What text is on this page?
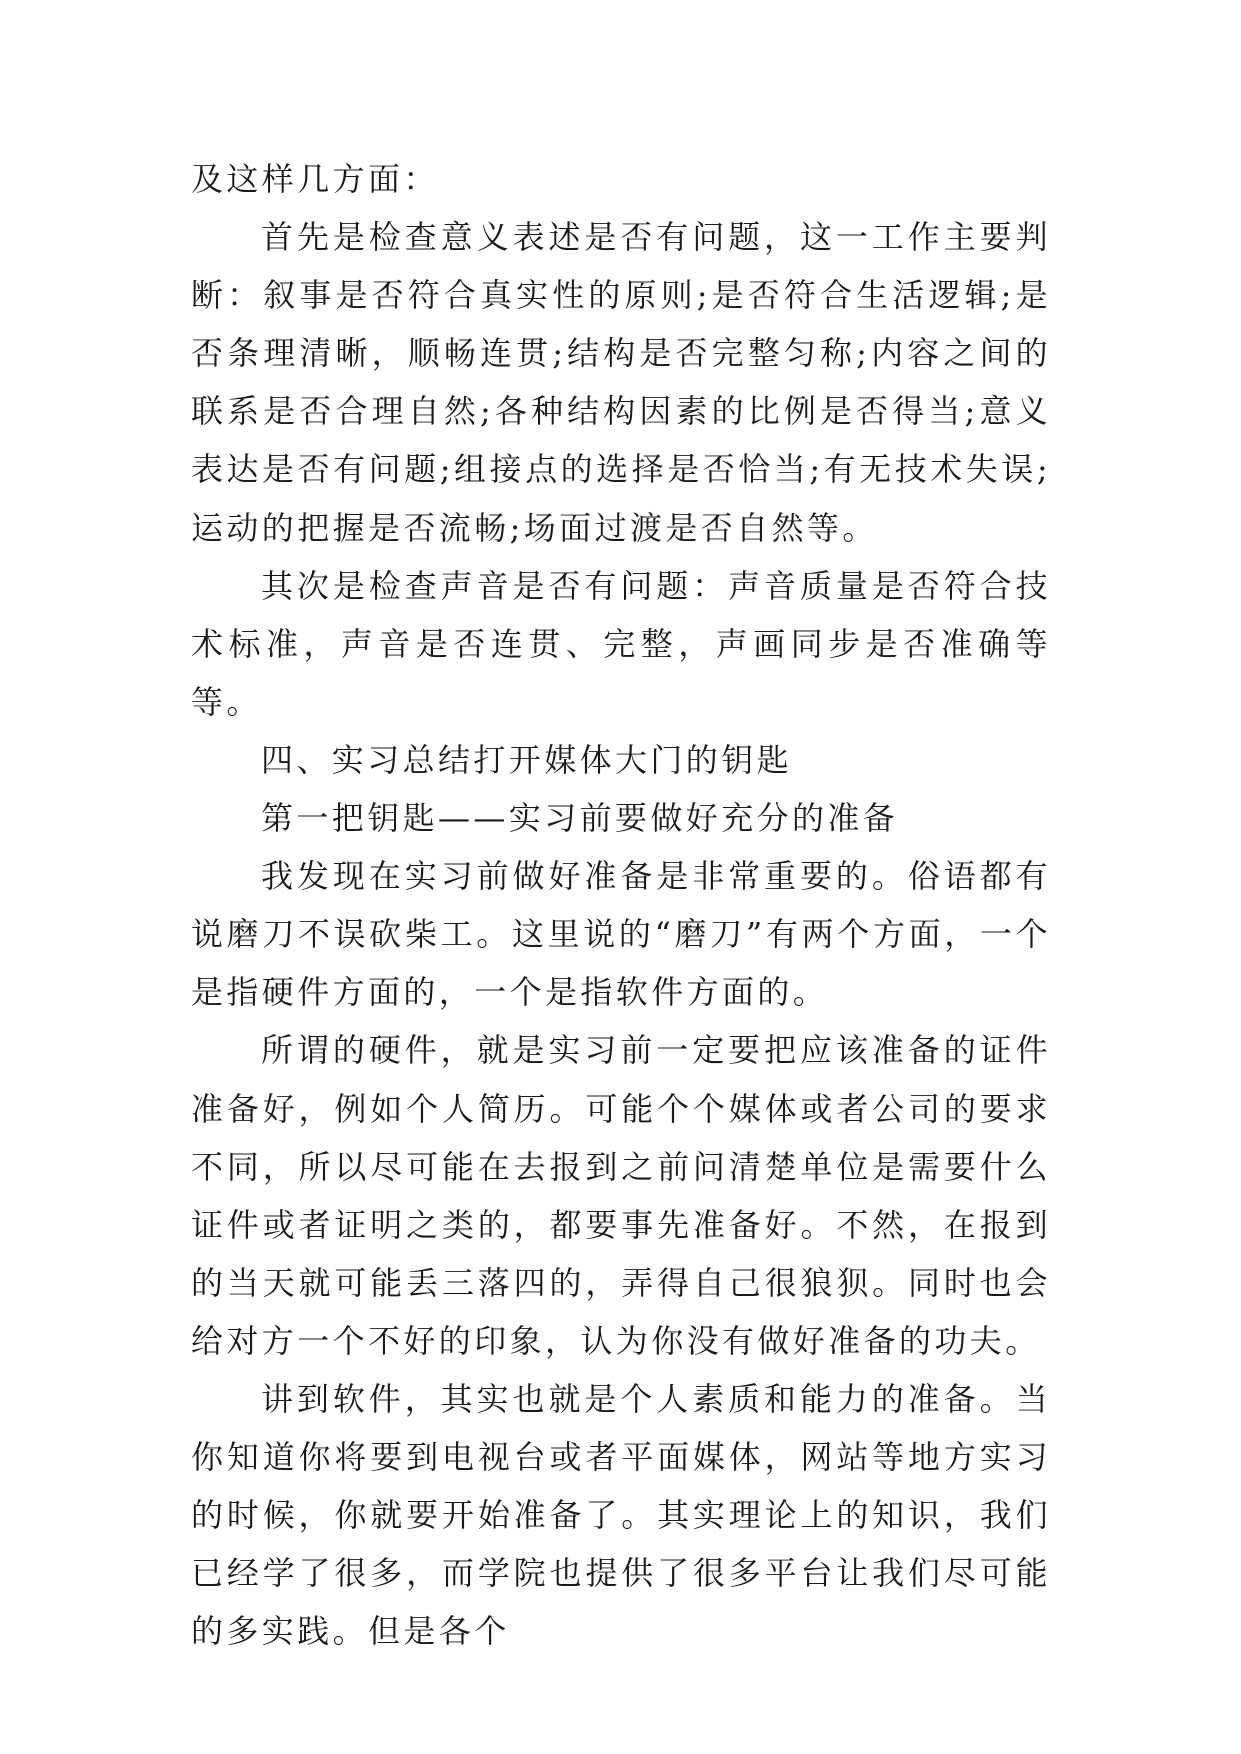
及这样几方面：

首先是检查意义表述是否有问题，这一工作主要判断：叙事是否符合真实性的原则;是否符合生活逻辑;是否条理清晰，顺畅连贯;结构是否完整匀称;内容之间的联系是否合理自然;各种结构因素的比例是否得当;意义表达是否有问题;组接点的选择是否恰当;有无技术失误;运动的把握是否流畅;场面过渡是否自然等。

其次是检查声音是否有问题：声音质量是否符合技术标准，声音是否连贯、完整，声画同步是否准确等等。

四、实习总结打开媒体大门的钥匙

第一把钥匙——实习前要做好充分的准备

我发现在实习前做好准备是非常重要的。俗语都有说磨刀不误砍柴工。这里说的“磨刀”有两个方面，一个是指硬件方面的，一个是指软件方面的。

所谓的硬件，就是实习前一定要把应该准备的证件准备好，例如个人简历。可能个个媒体或者公司的要求不同，所以尽可能在去报到之前问清楚单位是需要什么证件或者证明之类的，都要事先准备好。不然，在报到的当天就可能丢三落四的，弄得自己很狼狈。同时也会给对方一个不好的印象，认为你没有做好准备的功夫。

讲到软件，其实也就是个人素质和能力的准备。当你知道你将要到电视台或者平面媒体，网站等地方实习的时候，你就要开始准备了。其实理论上的知识，我们已经学了很多，而学院也提供了很多平台让我们尽可能的多实践。但是各个
